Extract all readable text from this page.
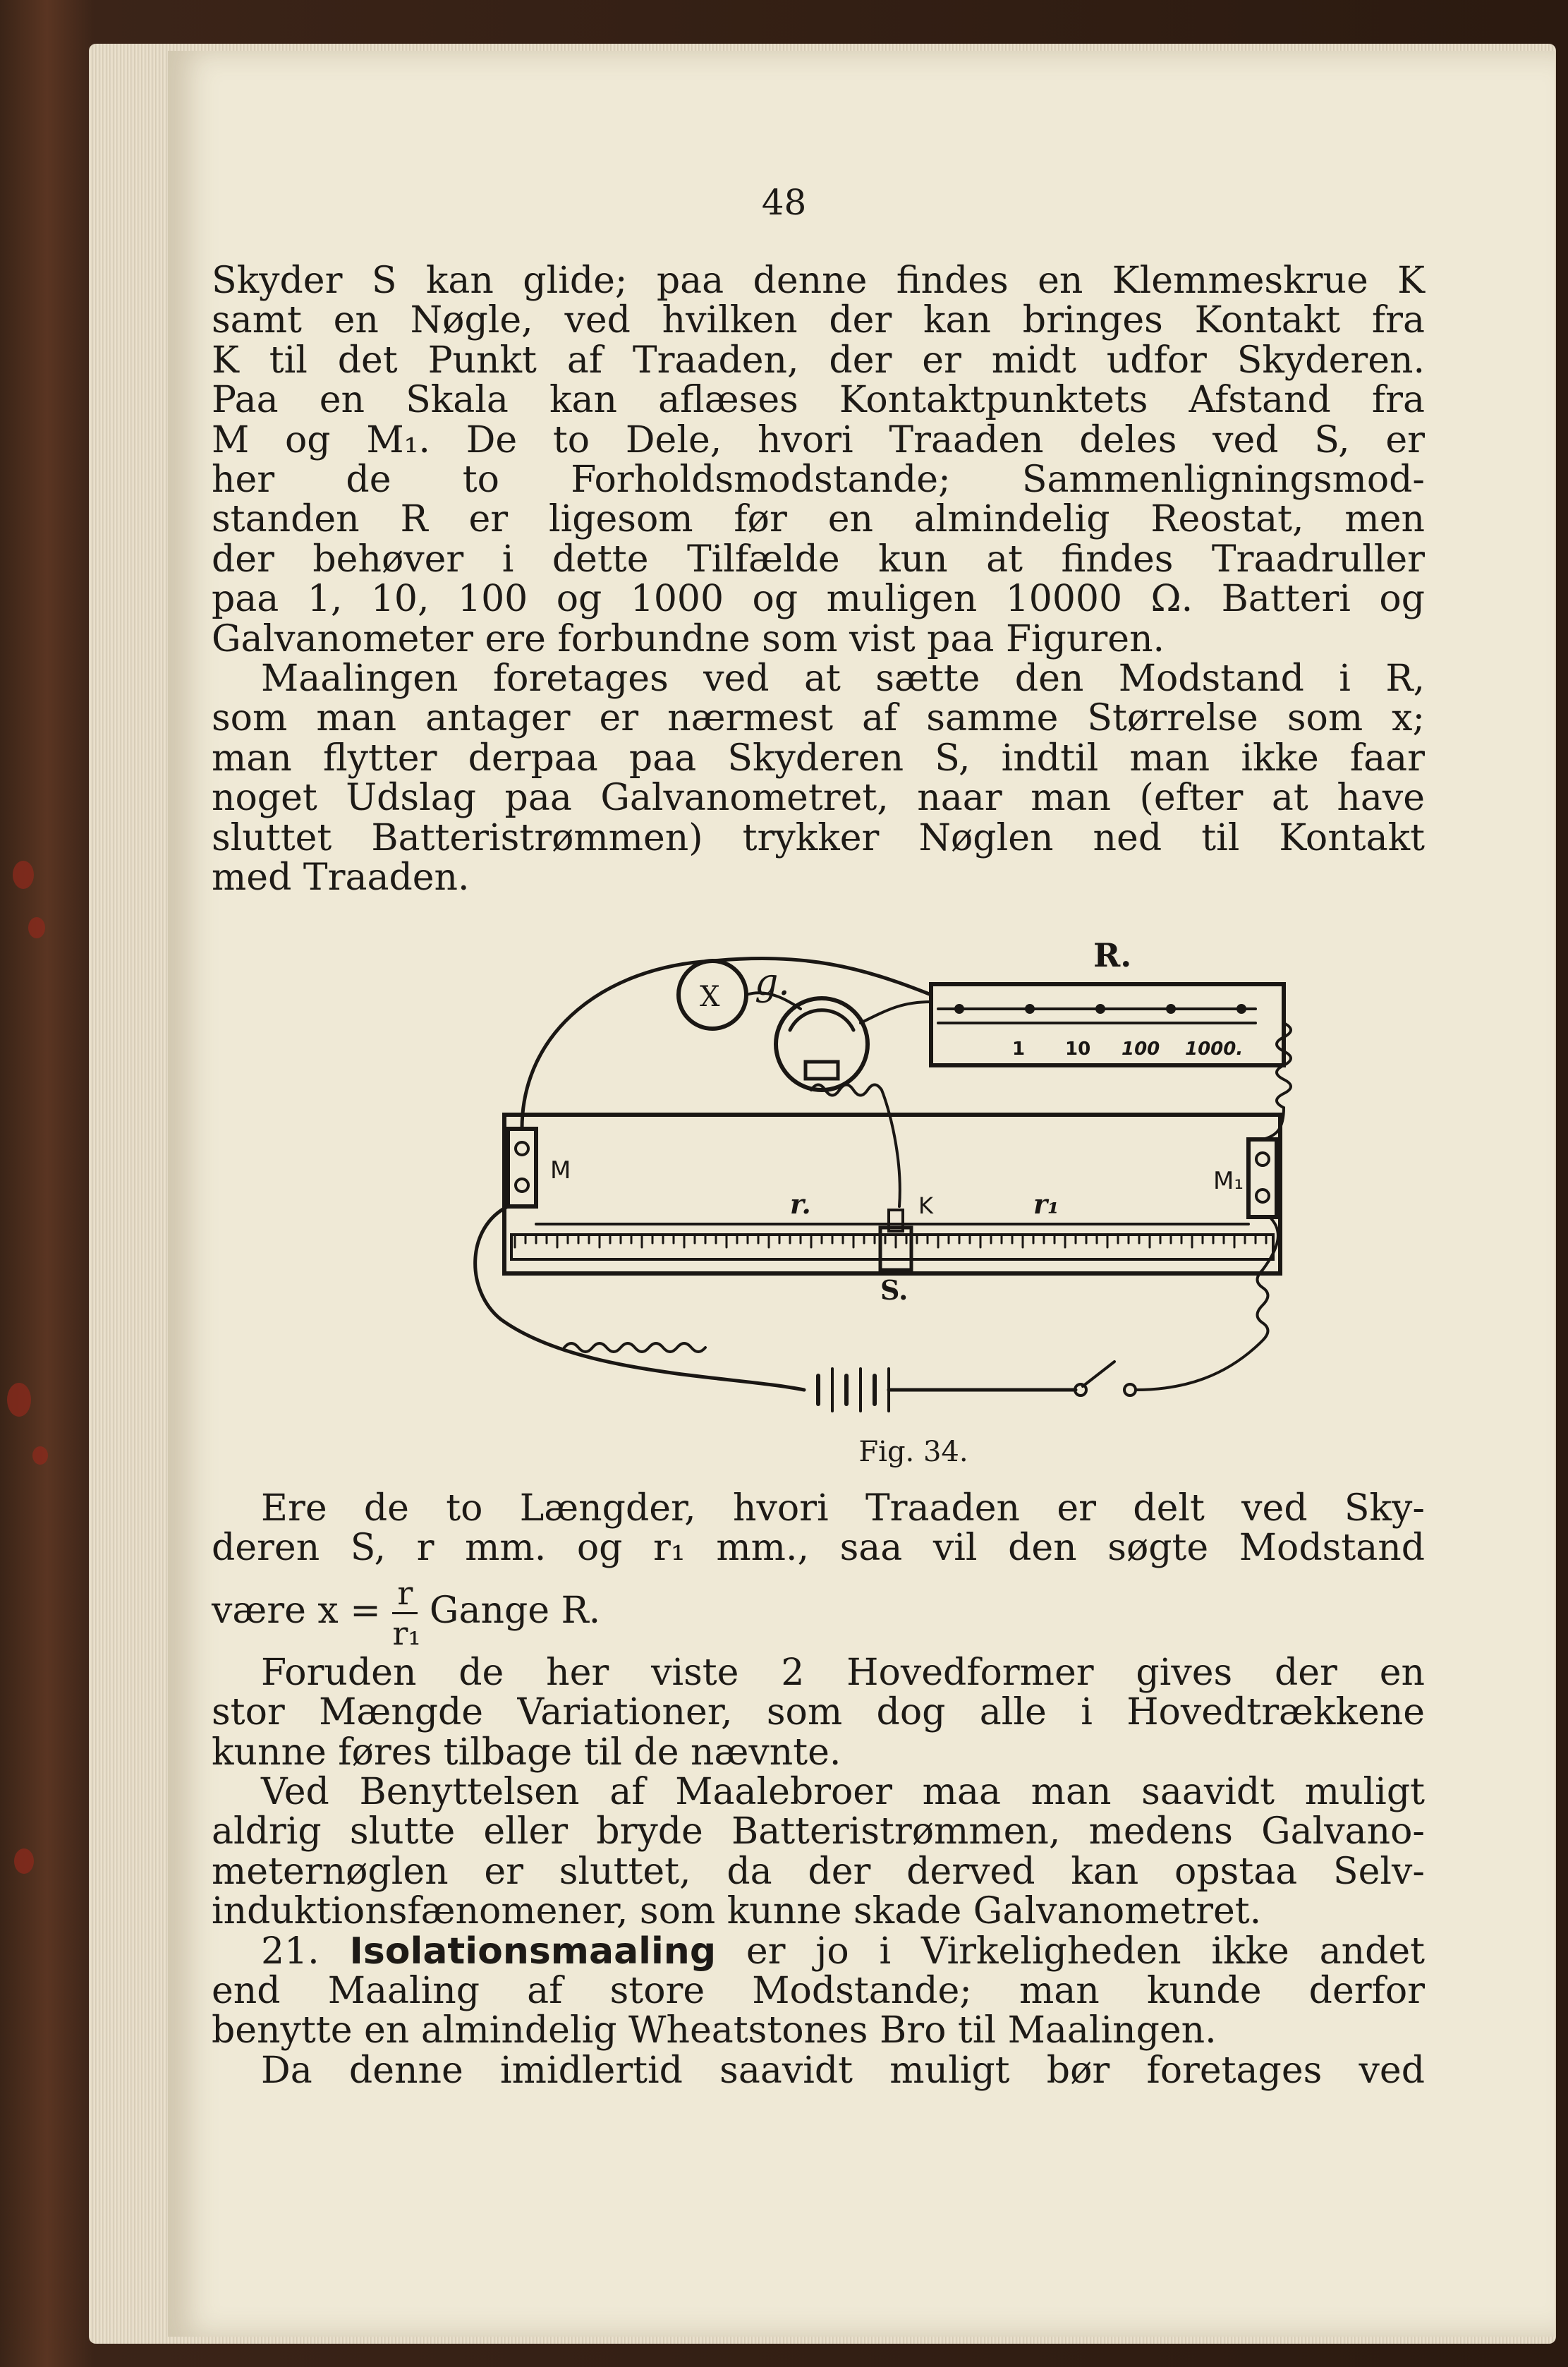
48
Skyder S kan glide; paa denne findes en Klemmeskrue K
samt en Nøgle, ved hvilken der kan bringes Kontakt fra
K til det Punkt af Traaden, der er midt udfor Skyderen.
Paa en Skala kan aflæses Kontaktpunktets Afstand fra
M og M₁. De to Dele, hvori Traaden deles ved S, er
her de to Forholdsmodstande; Sammenligningsmod-
standen R er ligesom før en almindelig Reostat, men
der behøver i dette Tilfælde kun at findes Traadruller
paa 1, 10, 100 og 1000 og muligen 10000 Ω. Batteri og
Galvanometer ere forbundne som vist paa Figuren.
Maalingen foretages ved at sætte den Modstand i R,
som man antager er nærmest af samme Størrelse som x;
man flytter derpaa paa Skyderen S, indtil man ikke faar
noget Udslag paa Galvanometret, naar man (efter at have
sluttet Batteristrømmen) trykker Nøglen ned til Kontakt
med Traaden.
R.
X g.
M	M₁
r.	K	r₁
S.
1 10 100 1000.
Fig. 34.
Ere de to Længder, hvori Traaden er delt ved Sky-
deren S, r mm. og r₁ mm., saa vil den søgte Modstand
være $x = \frac{r}{\text{r₁}}$ Gange R.
Foruden de her viste 2 Hovedformer gives der en
stor Mængde Variationer, som dog alle i Hovedtrækkene
kunne føres tilbage til de nævnte.
Ved Benyttelsen af Maalebroer maa man saavidt muligt
aldrig slutte eller bryde Batteristrømmen, medens Galvano-
meternøglen er sluttet, da der derved kan opstaa Selv-
induktionsfænomener, som kunne skade Galvanometret.
21. Isolationsmaaling er jo i Virkeligheden ikke andet
end Maaling af store Modstande; man kunde derfor
benytte en almindelig Wheatstones Bro til Maalingen.
Da denne imidlertid saavidt muligt bør foretages ved
